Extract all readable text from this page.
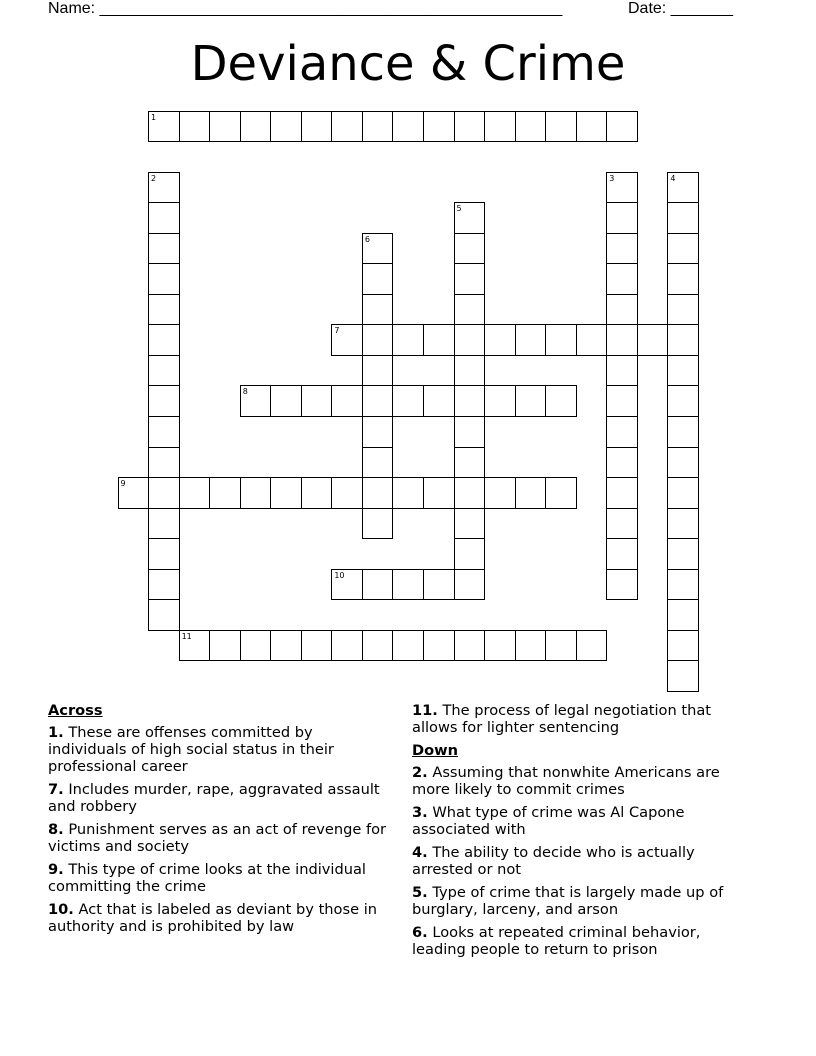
Name: ____________________________________________________	Date: _______
Deviance & Crime
1
2	3	4
5
6
7
8
9
10
11
Across
1. These are offenses committed by individuals of high social status in their professional career
7. Includes murder, rape, aggravated assault and robbery
8. Punishment serves as an act of revenge for victims and society
9. This type of crime looks at the individual committing the crime
10. Act that is labeled as deviant by those in authority and is prohibited by law
11. The process of legal negotiation that allows for lighter sentencing
Down
2. Assuming that nonwhite Americans are more likely to commit crimes
3. What type of crime was Al Capone associated with
4. The ability to decide who is actually arrested or not
5. Type of crime that is largely made up of burglary, larceny, and arson
6. Looks at repeated criminal behavior, leading people to return to prison
